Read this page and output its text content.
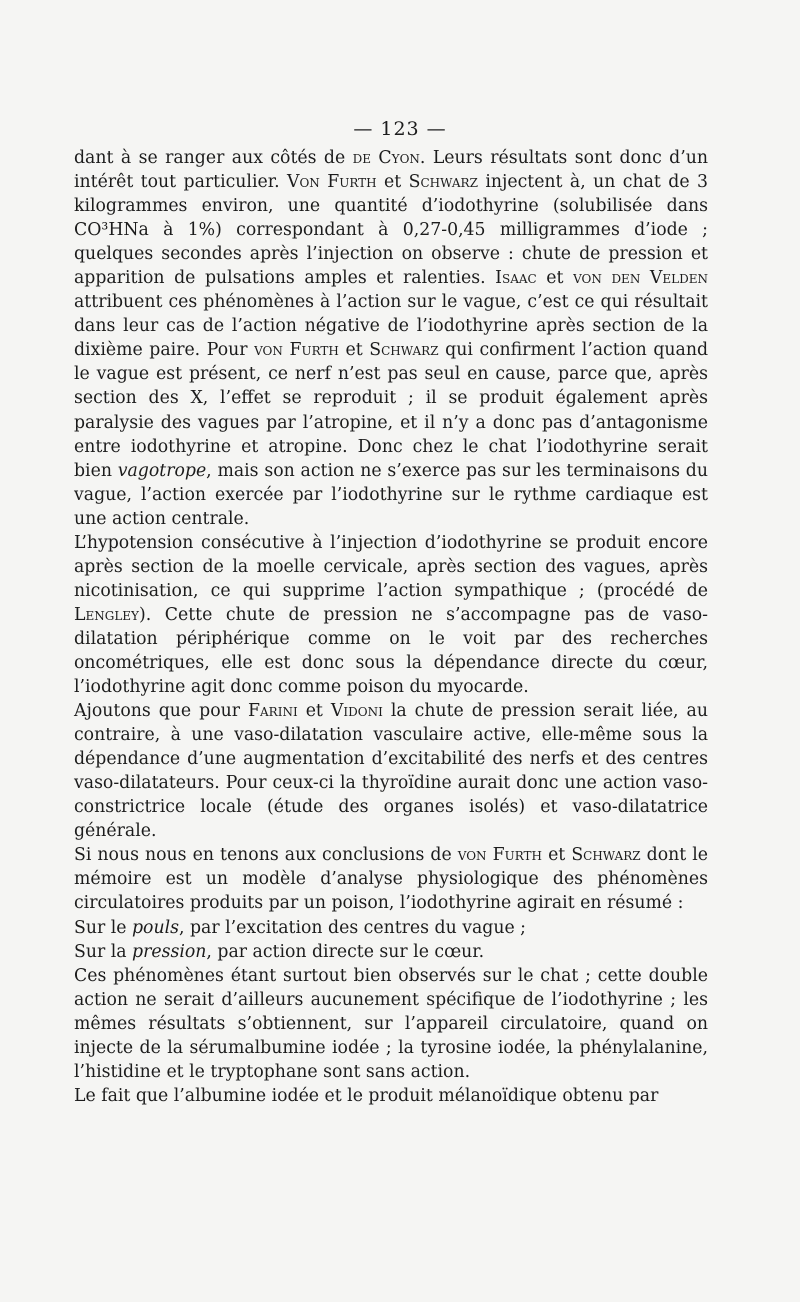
— 123 —

dant à se ranger aux côtés de de Cyon. Leurs résultats sont donc d’un intérêt tout particulier. Von Furth et Schwarz injectent à, un chat de 3 kilogrammes environ, une quantité d’iodothyrine (solubilisée dans CO³HNa à 1%) correspondant à 0,27-0,45 milligrammes d’iode ; quelques secondes après l’injection on observe : chute de pression et apparition de pulsations amples et ralenties. Isaac et von den Velden attribuent ces phénomènes à l’action sur le vague, c’est ce qui résultait dans leur cas de l’action négative de l’iodothyrine après section de la dixième paire. Pour von Furth et Schwarz qui confirment l’action quand le vague est présent, ce nerf n’est pas seul en cause, parce que, après section des X, l’effet se reproduit ; il se produit également après paralysie des vagues par l’atropine, et il n’y a donc pas d’antagonisme entre iodothyrine et atropine. Donc chez le chat l’iodothyrine serait bien vagotrope, mais son action ne s’exerce pas sur les terminaisons du vague, l’action exercée par l’iodothyrine sur le rythme cardiaque est une action centrale.

L’hypotension consécutive à l’injection d’iodothyrine se produit encore après section de la moelle cervicale, après section des vagues, après nicotinisation, ce qui supprime l’action sympathique ; (procédé de Lengley). Cette chute de pression ne s’accompagne pas de vaso-dilatation périphérique comme on le voit par des recherches oncométriques, elle est donc sous la dépendance directe du cœur, l’iodothyrine agit donc comme poison du myocarde.

Ajoutons que pour Farini et Vidoni la chute de pression serait liée, au contraire, à une vaso-dilatation vasculaire active, elle-même sous la dépendance d’une augmentation d’excitabilité des nerfs et des centres vaso-dilatateurs. Pour ceux-ci la thyroïdine aurait donc une action vaso-constrictrice locale (étude des organes isolés) et vaso-dilatatrice générale.

Si nous nous en tenons aux conclusions de von Furth et Schwarz dont le mémoire est un modèle d’analyse physiologique des phénomènes circulatoires produits par un poison, l’iodothyrine agirait en résumé :

Sur le pouls, par l’excitation des centres du vague ;

Sur la pression, par action directe sur le cœur.

Ces phénomènes étant surtout bien observés sur le chat ; cette double action ne serait d’ailleurs aucunement spécifique de l’iodothyrine ; les mêmes résultats s’obtiennent, sur l’appareil circulatoire, quand on injecte de la sérumalbumine iodée ; la tyrosine iodée, la phénylalanine, l’histidine et le tryptophane sont sans action.

Le fait que l’albumine iodée et le produit mélanoïdique obtenu par
